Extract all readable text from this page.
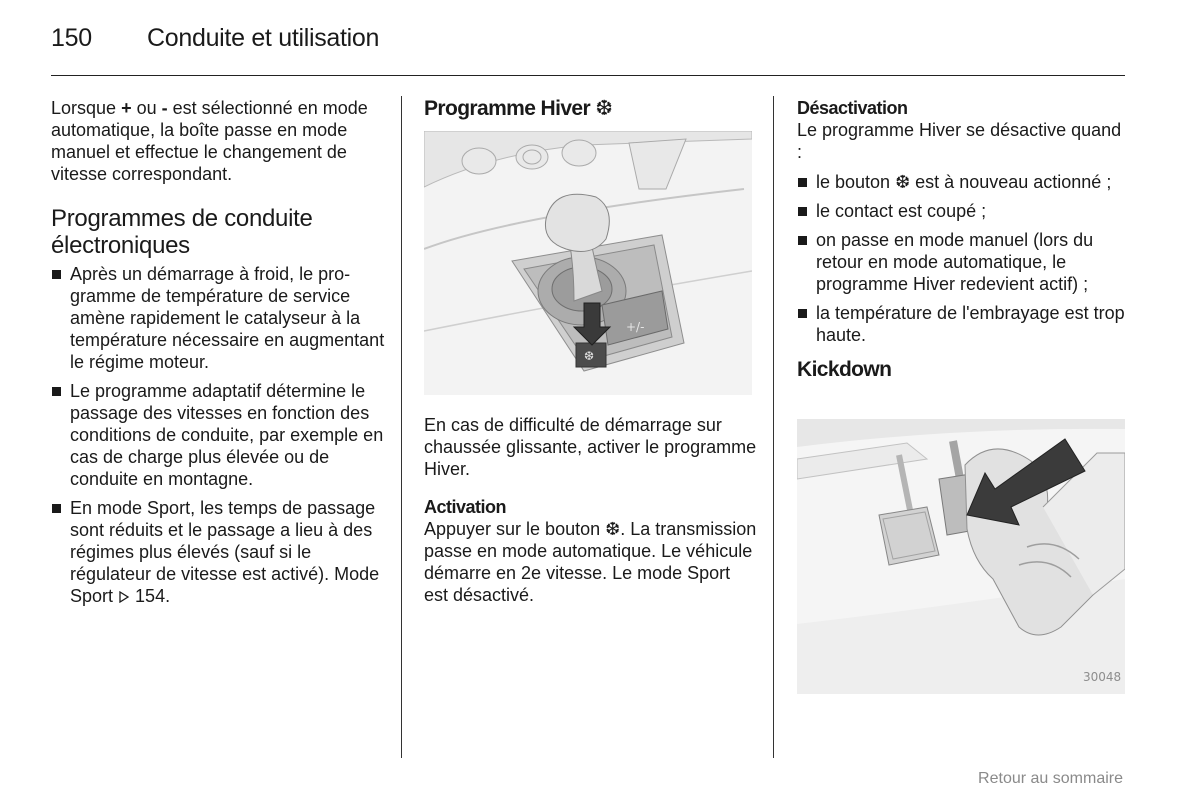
150 Conduite et utilisation

Lorsque + ou - est sélectionné en mode automatique, la boîte passe en mode manuel et effectue le changement de vitesse correspondant.

Programmes de conduite électroniques
Après un démarrage à froid, le programme de température de service amène rapidement le catalyseur à la température nécessaire en augmentant le régime moteur.
Le programme adaptatif détermine le passage des vitesses en fonction des conditions de conduite, par exemple en cas de charge plus élevée ou de conduite en montagne.
En mode Sport, les temps de passage sont réduits et le passage a lieu à des régimes plus élevés (sauf si le régulateur de vitesse est activé). Mode Sport  154.
Programme Hiver ❆
+/-
❆

En cas de difficulté de démarrage sur chaussée glissante, activer le programme Hiver.

Activation

Appuyer sur le bouton ❆. La transmission passe en mode automatique. Le véhicule démarre en 2e vitesse. Le mode Sport est désactivé.

Désactivation

Le programme Hiver se désactive quand :

le bouton ❆ est à nouveau actionné ;
le contact est coupé ;
on passe en mode manuel (lors du retour en mode automatique, le programme Hiver redevient actif) ;
la température de l'embrayage est trop haute.
Kickdown
30048
Retour au sommaire
